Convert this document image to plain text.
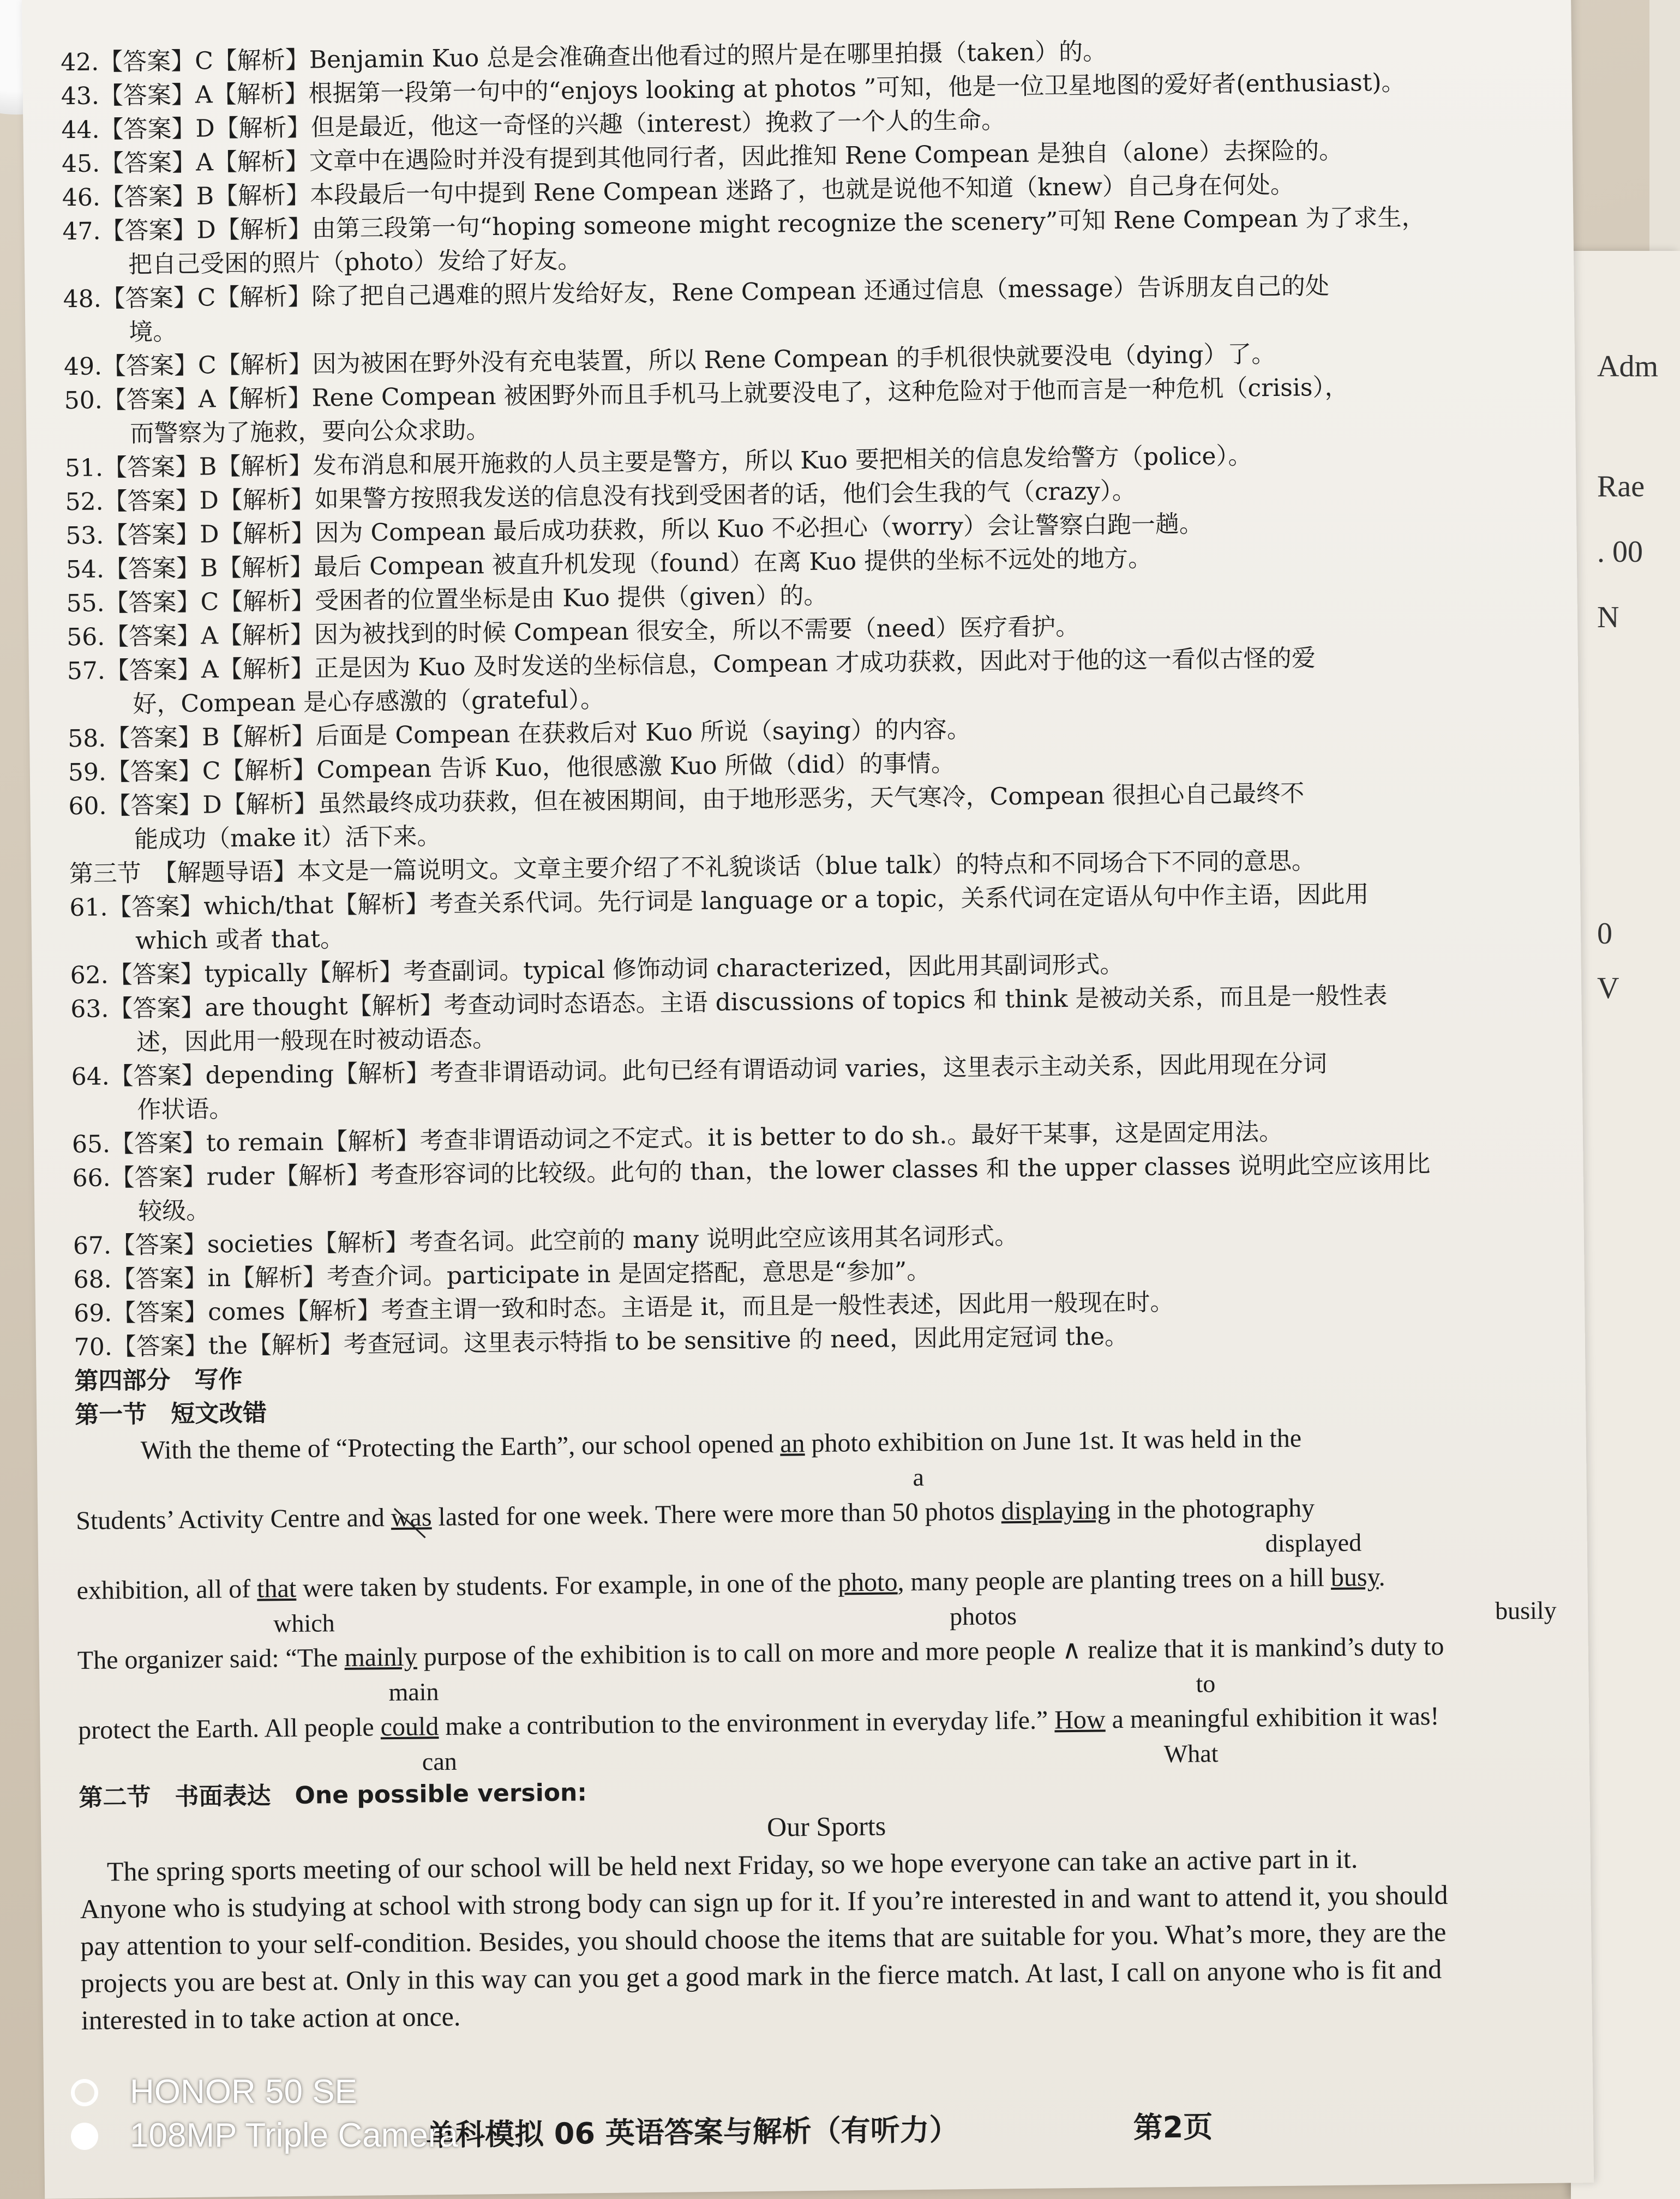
Adm
Rae
. 00
N
0
V
42.【答案】C【解析】Benjamin Kuo 总是会准确查出他看过的照片是在哪里拍摄（taken）的。
43.【答案】A【解析】根据第一段第一句中的“enjoys looking at photos ”可知，他是一位卫星地图的爱好者(enthusiast)。
44.【答案】D【解析】但是最近，他这一奇怪的兴趣（interest）挽救了一个人的生命。
45.【答案】A【解析】文章中在遇险时并没有提到其他同行者，因此推知 Rene Compean 是独自（alone）去探险的。
46.【答案】B【解析】本段最后一句中提到 Rene Compean 迷路了，也就是说他不知道（knew）自己身在何处。
47.【答案】D【解析】由第三段第一句“hoping someone might recognize the scenery”可知 Rene Compean 为了求生，
把自己受困的照片（photo）发给了好友。
48.【答案】C【解析】除了把自己遇难的照片发给好友，Rene Compean 还通过信息（message）告诉朋友自己的处
境。
49.【答案】C【解析】因为被困在野外没有充电装置，所以 Rene Compean 的手机很快就要没电（dying）了。
50.【答案】A【解析】Rene Compean 被困野外而且手机马上就要没电了，这种危险对于他而言是一种危机（crisis），
而警察为了施救，要向公众求助。
51.【答案】B【解析】发布消息和展开施救的人员主要是警方，所以 Kuo 要把相关的信息发给警方（police）。
52.【答案】D【解析】如果警方按照我发送的信息没有找到受困者的话，他们会生我的气（crazy）。
53.【答案】D【解析】因为 Compean 最后成功获救，所以 Kuo 不必担心（worry）会让警察白跑一趟。
54.【答案】B【解析】最后 Compean 被直升机发现（found）在离 Kuo 提供的坐标不远处的地方。
55.【答案】C【解析】受困者的位置坐标是由 Kuo 提供（given）的。
56.【答案】A【解析】因为被找到的时候 Compean 很安全，所以不需要（need）医疗看护。
57.【答案】A【解析】正是因为 Kuo 及时发送的坐标信息，Compean 才成功获救，因此对于他的这一看似古怪的爱
好，Compean 是心存感激的（grateful）。
58.【答案】B【解析】后面是 Compean 在获救后对 Kuo 所说（saying）的内容。
59.【答案】C【解析】Compean 告诉 Kuo，他很感激 Kuo 所做（did）的事情。
60.【答案】D【解析】虽然最终成功获救，但在被困期间，由于地形恶劣，天气寒冷，Compean 很担心自己最终不
能成功（make it）活下来。
第三节　【解题导语】本文是一篇说明文。文章主要介绍了不礼貌谈话（blue talk）的特点和不同场合下不同的意思。
61.【答案】which/that【解析】考查关系代词。先行词是 language or a topic，关系代词在定语从句中作主语，因此用
which 或者 that。
62.【答案】typically【解析】考查副词。typical 修饰动词 characterized，因此用其副词形式。
63.【答案】are thought【解析】考查动词时态语态。主语 discussions of topics 和 think 是被动关系，而且是一般性表
述，因此用一般现在时被动语态。
64.【答案】depending【解析】考查非谓语动词。此句已经有谓语动词 varies，这里表示主动关系，因此用现在分词
作状语。
65.【答案】to remain【解析】考查非谓语动词之不定式。it is better to do sh.。最好干某事，这是固定用法。
66.【答案】ruder【解析】考查形容词的比较级。此句的 than，the lower classes 和 the upper classes 说明此空应该用比
较级。
67.【答案】societies【解析】考查名词。此空前的 many 说明此空应该用其名词形式。
68.【答案】in【解析】考查介词。participate in 是固定搭配，意思是“参加”。
69.【答案】comes【解析】考查主谓一致和时态。主语是 it，而且是一般性表述，因此用一般现在时。
70.【答案】the【解析】考查冠词。这里表示特指 to be sensitive 的 need，因此用定冠词 the。
第四部分　写作
第一节　短文改错
With the theme of “Protecting the Earth”, our school opened an photo exhibition on June 1st. It was held in the
a
Students’ Activity Centre and was
lasted for one week. There were more than 50 photos displaying in the photography
displayed
exhibition, all of that were taken by students. For example, in one of the photo, many people are planting trees on a hill busy.
which	photos	busily
The organizer said: “The mainly purpose of the exhibition is to call on more and more people ∧ realize that it is mankind’s duty to
main	to
protect the Earth. All people could make a contribution to the environment in everyday life.” How a meaningful exhibition it was!
can	What
第二节　书面表达　One possible version:
Our Sports
　The spring sports meeting of our school will be held next Friday, so we hope everyone can take an active part in it.
Anyone who is studying at school with strong body can sign up for it. If you’re interested in and want to attend it, you should
pay attention to your self-condition. Besides, you should choose the items that are suitable for you. What’s more, they are the
projects you are best at. Only in this way can you get a good mark in the fierce match. At last, I call on anyone who is fit and
interested in to take action at once.
单科模拟 06 英语答案与解析（有听力）	第2页
HONOR 50 SE
108MP Triple Camera
